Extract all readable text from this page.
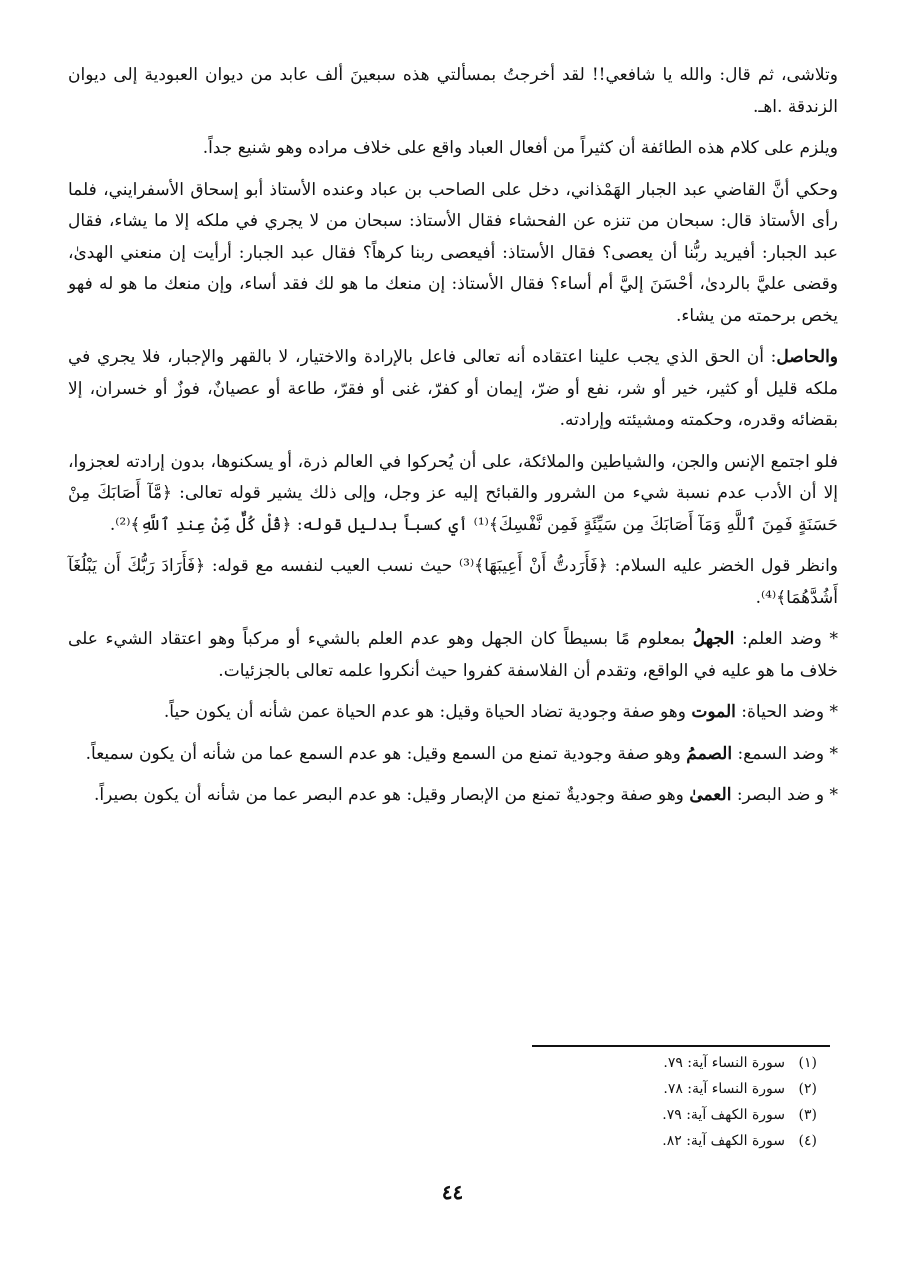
وتلاشى، ثم قال: والله يا شافعي!! لقد أخرجتُ بمسألتي هذه سبعينَ ألف عابد من ديوان العبودية إلى ديوان الزندقة .اهـ.

ويلزم على كلام هذه الطائفة أن كثيراً من أفعال العباد واقع على خلاف مراده وهو شنيع جداً.

وحكي أنَّ القاضي عبد الجبار الهَمْذاني، دخل على الصاحب بن عباد وعنده الأستاذ أبو إسحاق الأسفرايني، فلما رأى الأستاذ قال: سبحان من تنزه عن الفحشاء فقال الأستاذ: سبحان من لا يجري في ملكه إلا ما يشاء، فقال عبد الجبار: أفيريد ربُّنا أن يعصى؟ فقال الأستاذ: أفيعصى ربنا كرهاً؟ فقال عبد الجبار: أرأيت إن منعني الهدىٰ، وقضى عليَّ بالردىٰ، أحْسَنَ إليَّ أم أساء؟ فقال الأستاذ: إن منعك ما هو لك فقد أساء، وإن منعك ما هو له فهو يخص برحمته من يشاء.

والحاصل: أن الحق الذي يجب علينا اعتقاده أنه تعالى فاعل بالإرادة والاختيار، لا بالقهر والإجبار، فلا يجري في ملكه قليل أو كثير، خير أو شر، نفع أو ضرّ، إيمان أو كفرّ، غنى أو فقرّ، طاعة أو عصيانٌ، فوزٌ أو خسران، إلا بقضائه وقدره، وحكمته ومشيئته وإرادته.

فلو اجتمع الإنس والجن، والشياطين والملائكة، على أن يُحركوا في العالم ذرة، أو يسكنوها، بدون إرادته لعجزوا، إلا أن الأدب عدم نسبة شيء من الشرور والقبائح إليه عز وجل، وإلى ذلك يشير قوله تعالى: ﴿مَّآ أَصَابَكَ مِنْ حَسَنَةٍ فَمِنَ ٱللَّهِ وَمَآ أَصَابَكَ مِن سَيِّئَةٍ فَمِن نَّفْسِكَ﴾⁽¹⁾ أي كسباً بدليل قوله: ﴿قُلْ كُلٌّ مِّنْ عِندِ ٱللَّهِ﴾⁽²⁾.

وانظر قول الخضر عليه السلام: ﴿فَأَرَدتُّ أَنْ أَعِيبَهَا﴾⁽³⁾ حيث نسب العيب لنفسه مع قوله: ﴿فَأَرَادَ رَبُّكَ أَن يَبْلُغَآ أَشُدَّهُمَا﴾⁽⁴⁾.

* وضد العلم: الجهلُ بمعلوم مًا بسيطاً كان الجهل وهو عدم العلم بالشيء أو مركباً وهو اعتقاد الشيء على خلاف ما هو عليه في الواقع، وتقدم أن الفلاسفة كفروا حيث أنكروا علمه تعالى بالجزئيات.

* وضد الحياة: الموت وهو صفة وجودية تضاد الحياة وقيل: هو عدم الحياة عمن شأنه أن يكون حياً.

* وضد السمع: الصممُ وهو صفة وجودية تمنع من السمع وقيل: هو عدم السمع عما من شأنه أن يكون سميعاً.

* و ضد البصر: العمىٰ وهو صفة وجوديةٌ تمنع من الإبصار وقيل: هو عدم البصر عما من شأنه أن يكون بصيراً.

(١)سورة النساء آية: ٧٩.
(٢)سورة النساء آية: ٧٨.
(٣)سورة الكهف آية: ٧٩.
(٤)سورة الكهف آية: ٨٢.
٤٤
